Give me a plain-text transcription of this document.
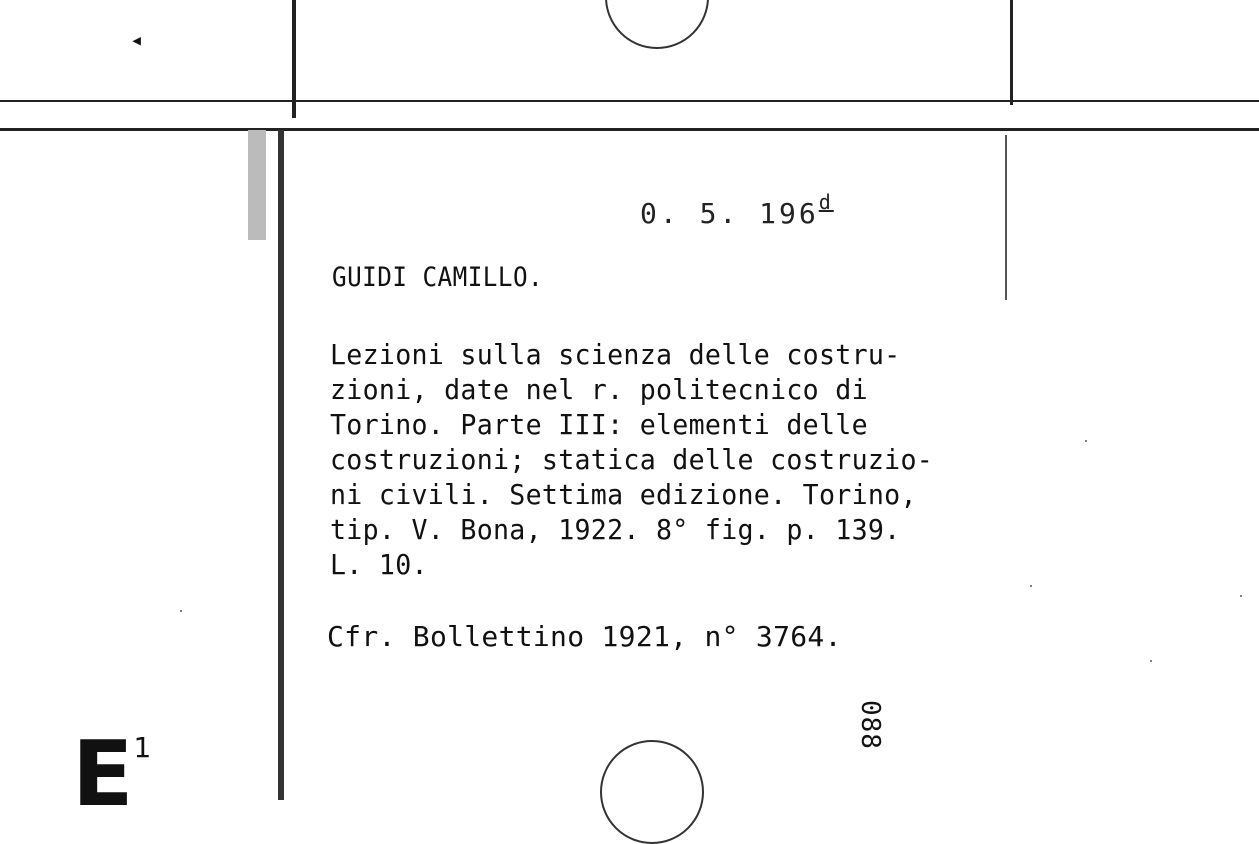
◂
0. 5. 196$^d$
GUIDI CAMILLO.
Lezioni sulla scienza delle costru-
zioni, date nel r. politecnico di
Torino. Parte III: elementi delle
costruzioni; statica delle costruzio-
ni civili. Settima edizione. Torino,
tip. V. Bona, 1922. 8° fig. p. 139.
L. 10.
Cfr. Bollettino 1921, n° 3764.
088
$E^1$
